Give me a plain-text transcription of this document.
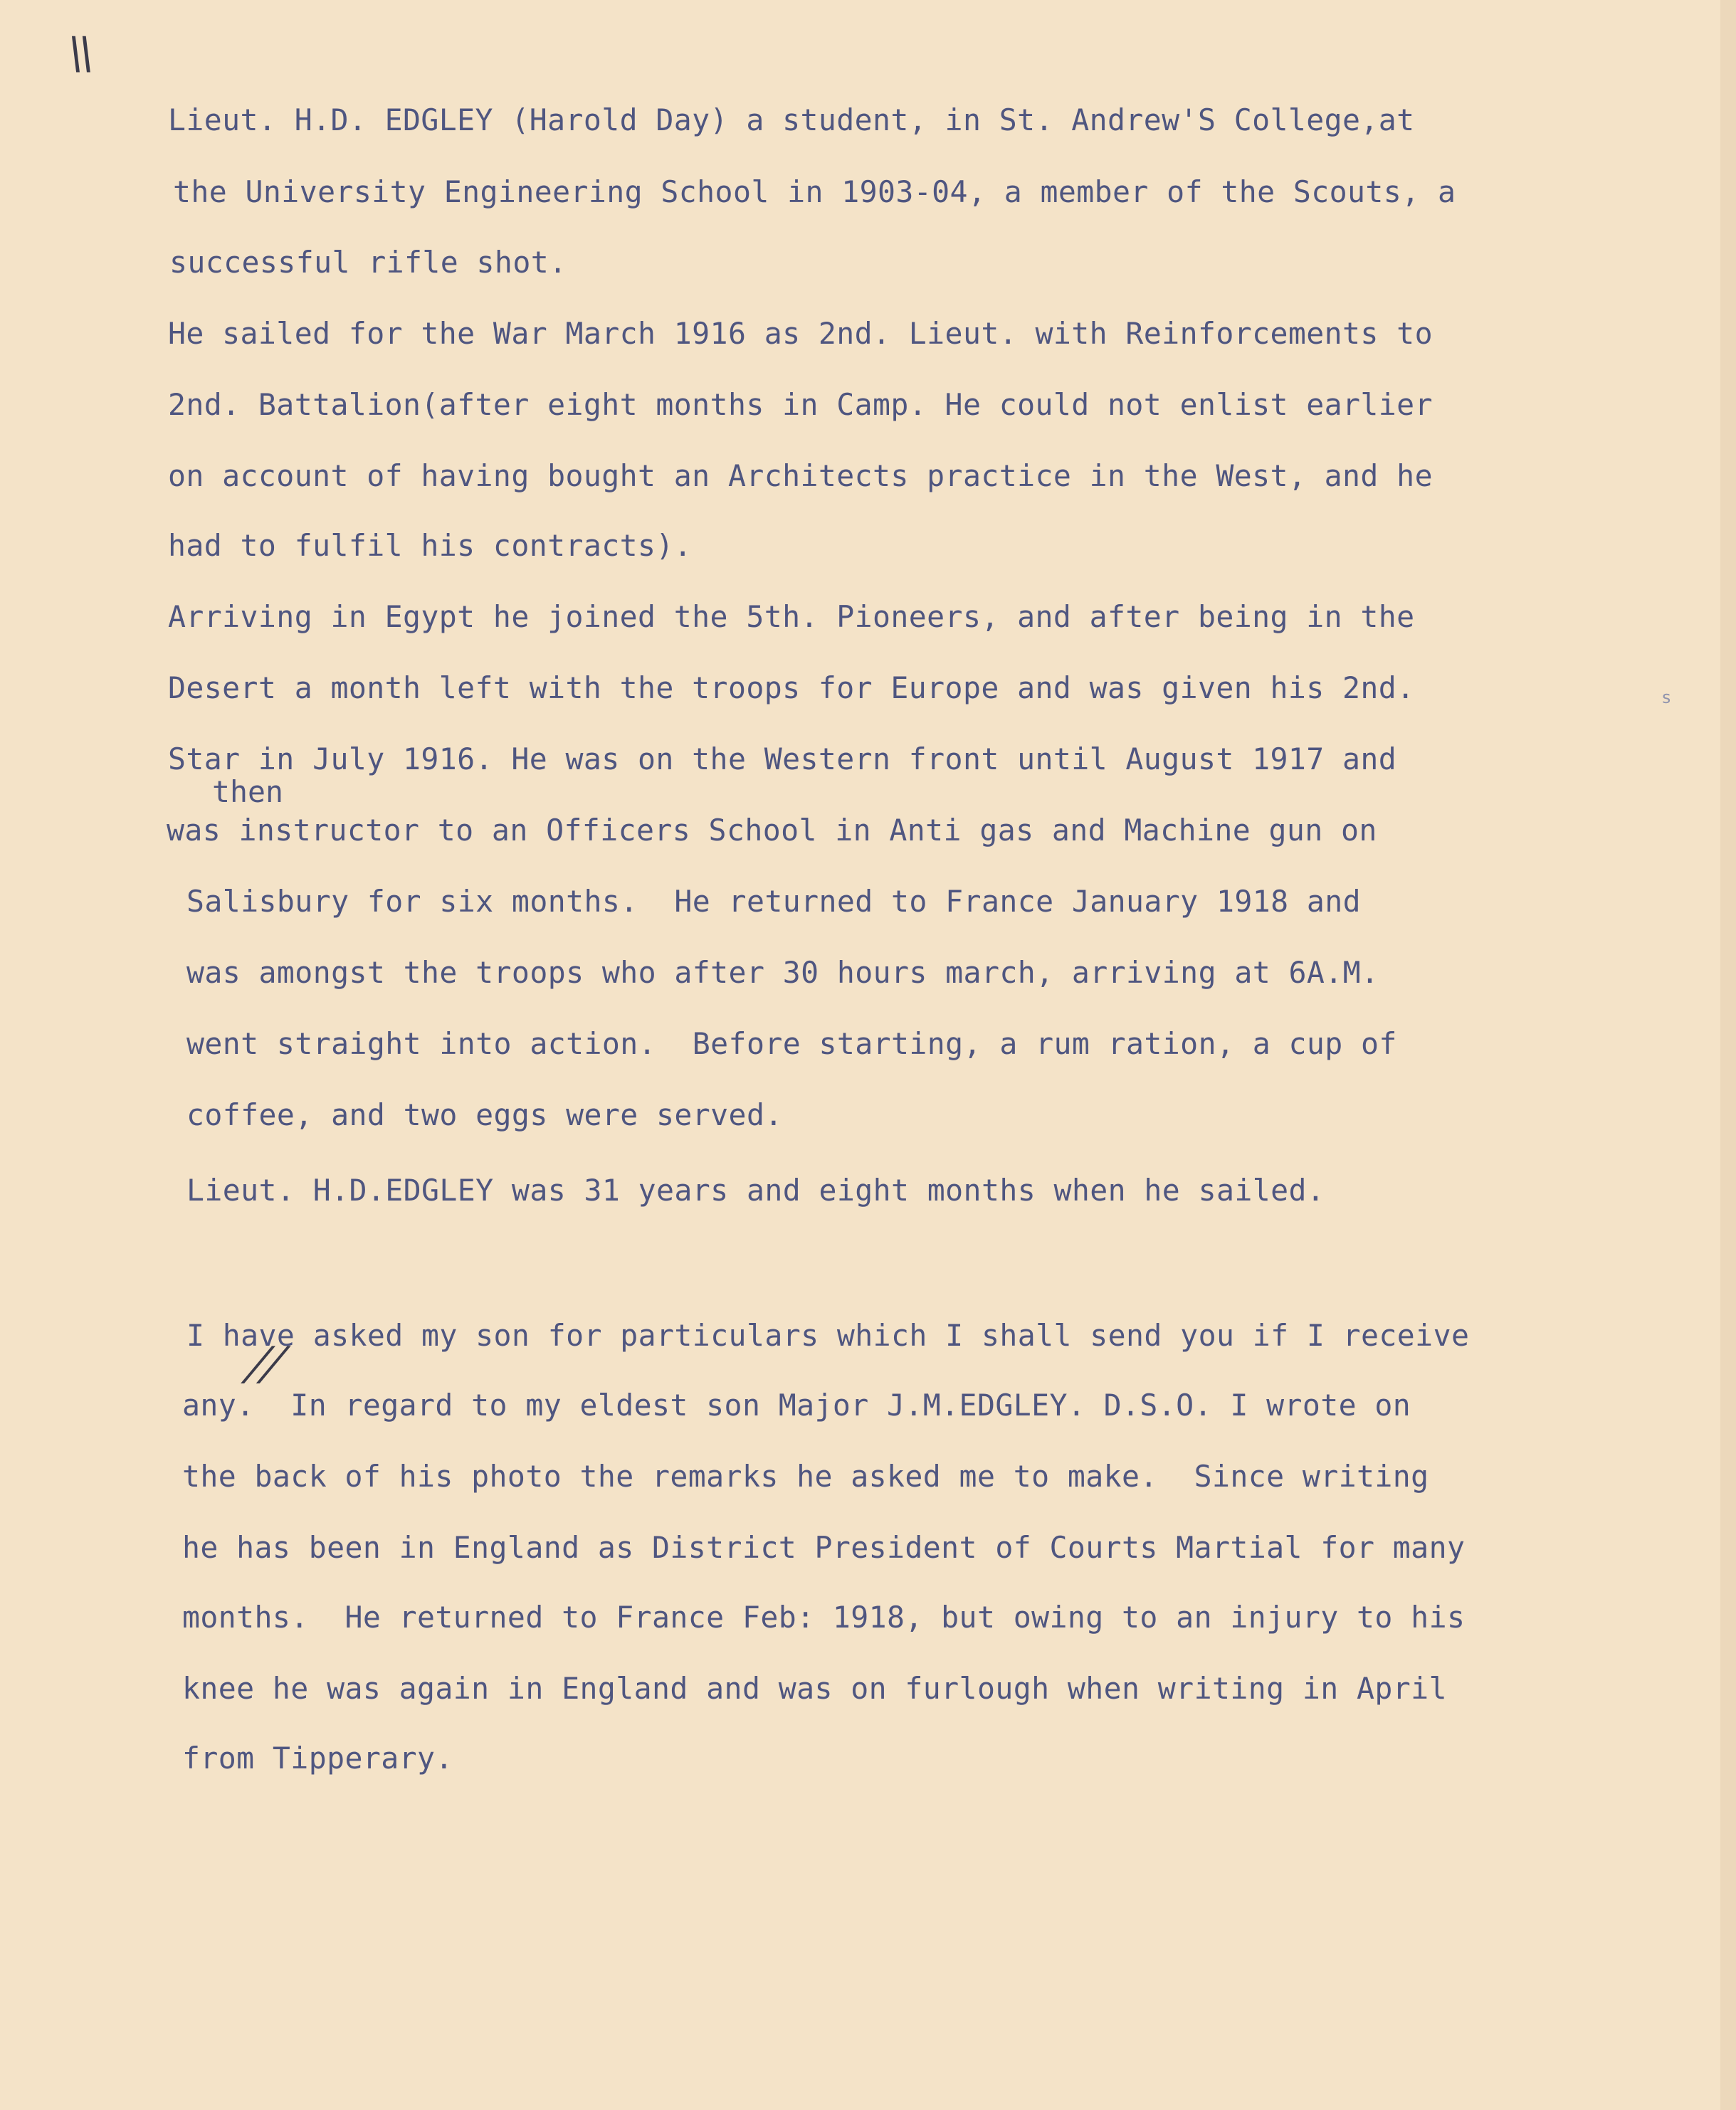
\\
Lieut. H.D. EDGLEY (Harold Day) a student, in St. Andrew'S College,at
the University Engineering School in 1903-04, a member of the Scouts, a
successful rifle shot.
He sailed for the War March 1916 as 2nd. Lieut. with Reinforcements to
2nd. Battalion(after eight months in Camp. He could not enlist earlier
on account of having bought an Architects practice in the West, and he
had to fulfil his contracts).
Arriving in Egypt he joined the 5th. Pioneers, and after being in the
Desert a month left with the troops for Europe and was given his 2nd.	s
Star in July 1916. He was on the Western front until August 1917 and
then
was instructor to an Officers School in Anti gas and Machine gun on
Salisbury for six months.  He returned to France January 1918 and
was amongst the troops who after 30 hours march, arriving at 6A.M.
went straight into action.  Before starting, a rum ration, a cup of
coffee, and two eggs were served.
Lieut. H.D.EDGLEY was 31 years and eight months when he sailed.
I have asked my son for particulars which I shall send you if I receive
//
any.  In regard to my eldest son Major J.M.EDGLEY. D.S.O. I wrote on
the back of his photo the remarks he asked me to make.  Since writing
he has been in England as District President of Courts Martial for many
months.  He returned to France Feb: 1918, but owing to an injury to his
knee he was again in England and was on furlough when writing in April
from Tipperary.
